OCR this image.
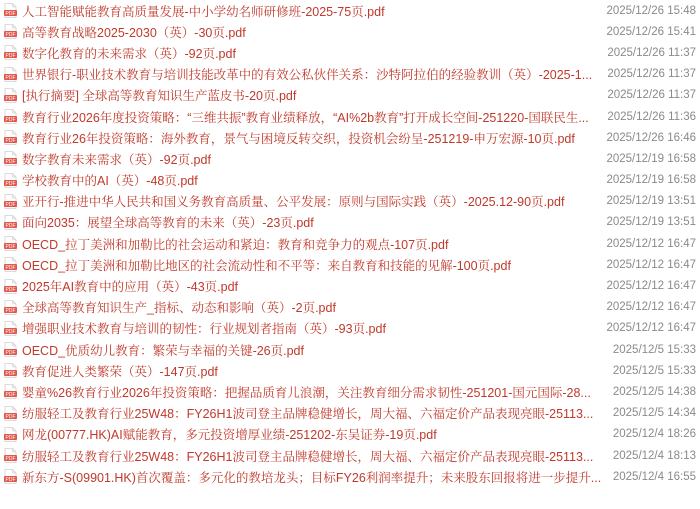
PDF 人工智能赋能教育高质量发展-中小学幼名师研修班-2025-75页.pdf	2025/12/26 15:48
PDF 高等教育战略2025-2030（英）-30页.pdf	2025/12/26 15:41
PDF 数字化教育的未来需求（英）-92页.pdf	2025/12/26 11:37
PDF 世界银行-职业技术教育与培训技能改革中的有效公私伙伴关系：沙特阿拉伯的经验教训（英）-2025-1...	2025/12/26 11:37
PDF [执行摘要] 全球高等教育知识生产蓝皮书-20页.pdf	2025/12/26 11:37
PDF 教育行业2026年度投资策略：“三维共振”教育业绩释放，“AI%2b教育”打开成长空间-251220-国联民生...	2025/12/26 11:36
PDF 教育行业26年投资策略：海外教育，景气与困境反转交织，投资机会纷呈-251219-申万宏源-10页.pdf	2025/12/26 16:46
PDF 数字教育未来需求（英）-92页.pdf	2025/12/19 16:58
PDF 学校教育中的AI（英）-48页.pdf	2025/12/19 16:58
PDF 亚开行-推进中华人民共和国义务教育高质量、公平发展：原则与国际实践（英）-2025.12-90页.pdf	2025/12/19 13:51
PDF 面向2035：展望全球高等教育的未来（英）-23页.pdf	2025/12/19 13:51
PDF OECD_拉丁美洲和加勒比的社会运动和紧迫：教育和竞争力的观点-107页.pdf	2025/12/12 16:47
PDF OECD_拉丁美洲和加勒比地区的社会流动性和不平等：来自教育和技能的见解-100页.pdf	2025/12/12 16:47
PDF 2025年AI教育中的应用（英）-43页.pdf	2025/12/12 16:47
PDF 全球高等教育知识生产_指标、动态和影响（英）-2页.pdf	2025/12/12 16:47
PDF 增强职业技术教育与培训的韧性：行业规划者指南（英）-93页.pdf	2025/12/12 16:47
PDF OECD_优质幼儿教育：繁荣与幸福的关键-26页.pdf	2025/12/5 15:33
PDF 教育促进人类繁荣（英）-147页.pdf	2025/12/5 15:33
PDF 婴童%26教育行业2026年投资策略：把握品质育儿浪潮，关注教育细分需求韧性-251201-国元国际-28...	2025/12/5 14:38
PDF 纺服轻工及教育行业25W48：FY26H1波司登主品牌稳健增长，周大福、六福定价产品表现亮眼-25113...	2025/12/5 14:34
PDF 网龙(00777.HK)AI赋能教育，多元投资增厚业绩-251202-东吴证券-19页.pdf	2025/12/4 18:26
PDF 纺服轻工及教育行业25W48：FY26H1波司登主品牌稳健增长，周大福、六福定价产品表现亮眼-25113...	2025/12/4 18:13
PDF 新东方-S(09901.HK)首次覆盖：多元化的教培龙头；目标FY26利润率提升；未来股东回报将进一步提升...	2025/12/4 16:55
